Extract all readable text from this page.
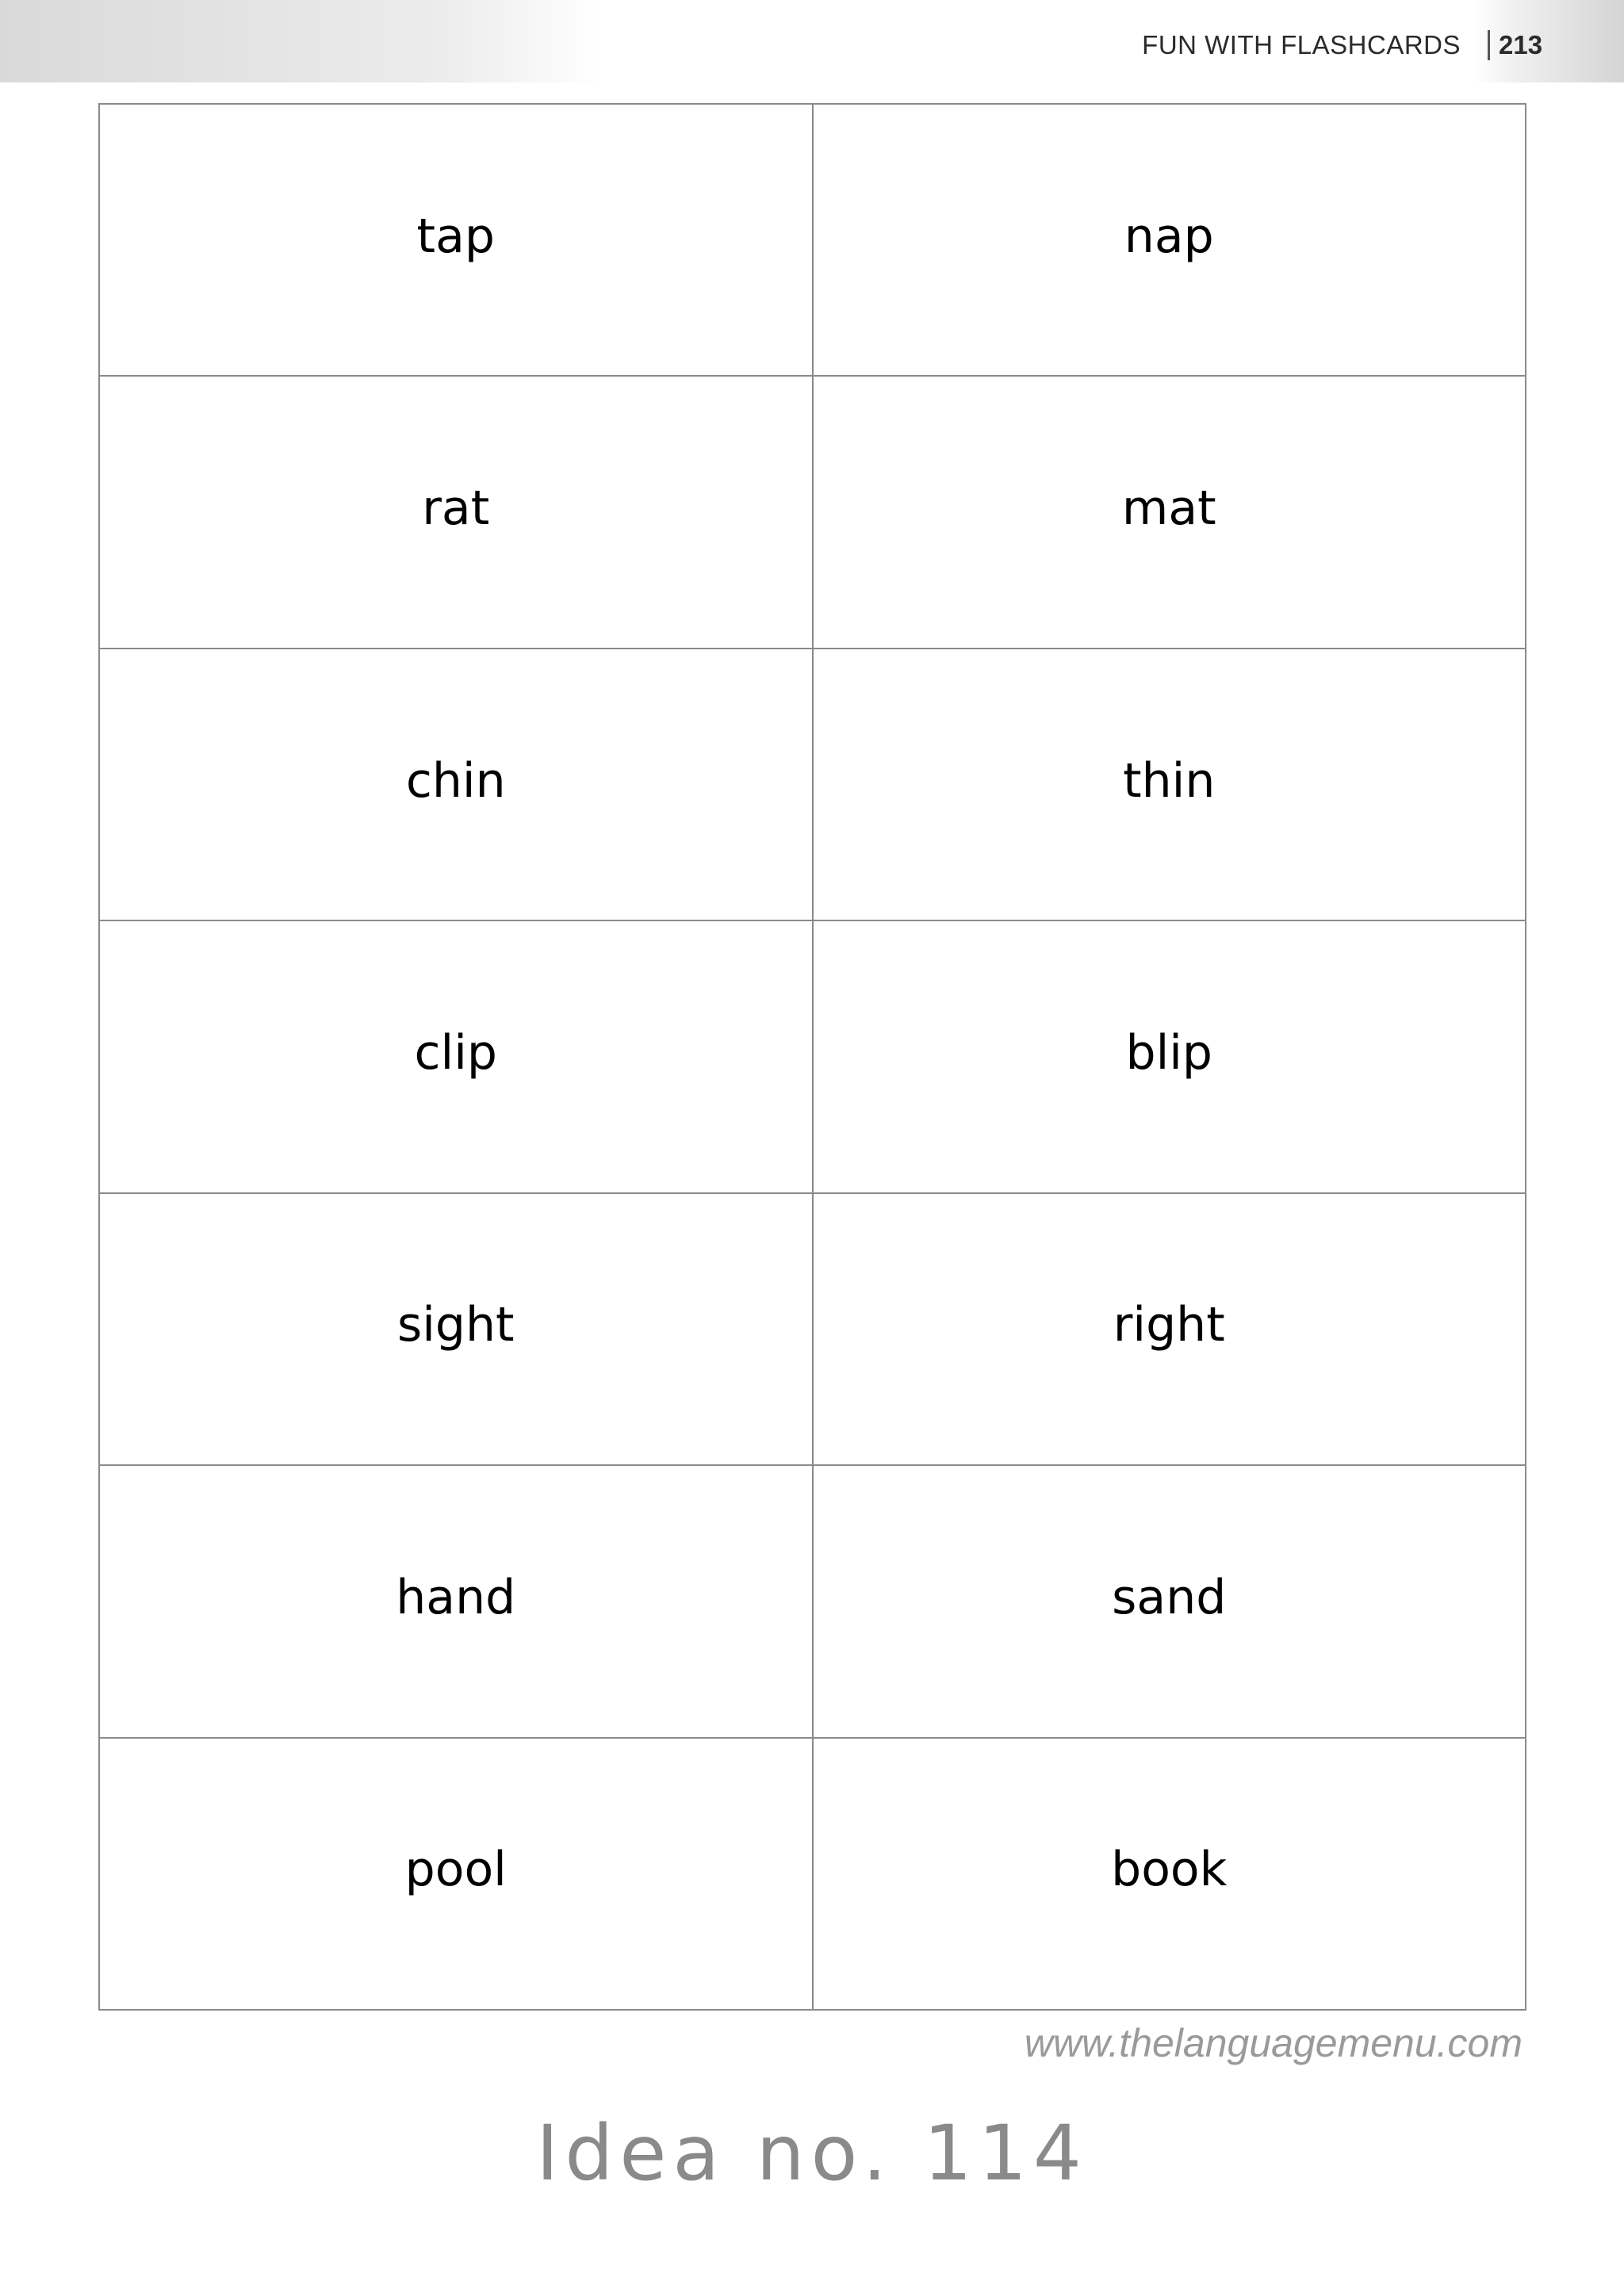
FUN WITH FLASHCARDS 213
tap	nap
rat	mat
chin	thin
clip	blip
sight	right
hand	sand
pool	book
www.thelanguagemenu.com
Idea no. 114
